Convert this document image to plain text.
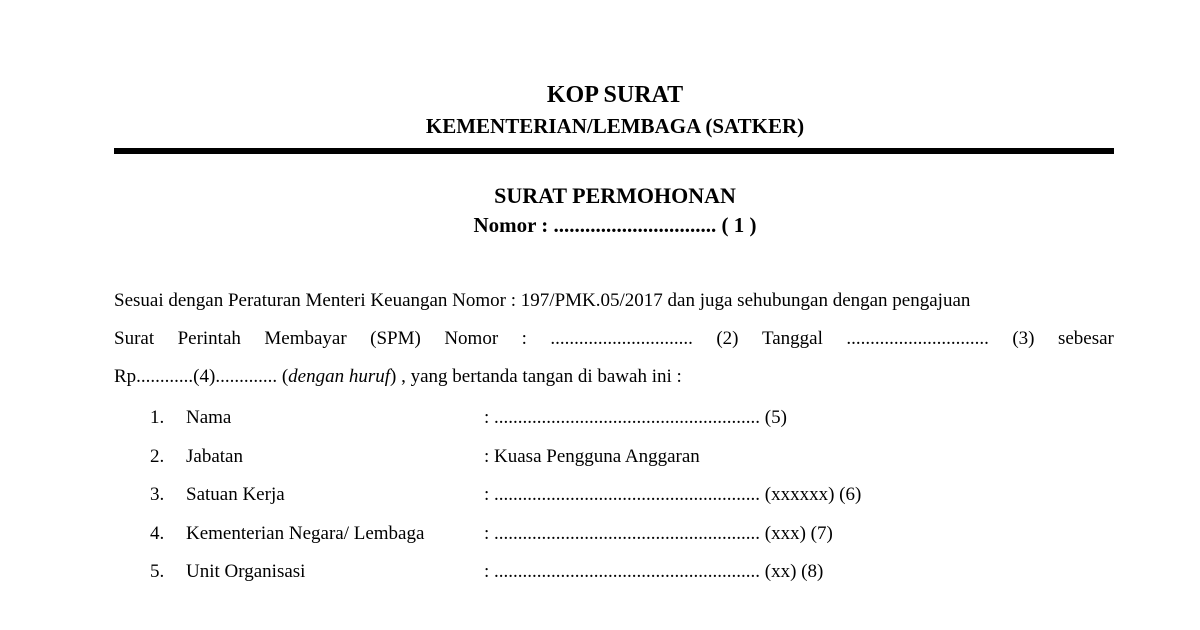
KOP SURAT
KEMENTERIAN/LEMBAGA (SATKER)
SURAT PERMOHONAN
Nomor : ............................... ( 1 )
Sesuai dengan Peraturan Menteri Keuangan Nomor : 197/PMK.05/2017 dan juga sehubungan dengan pengajuan
Surat Perintah Membayar (SPM) Nomor : .............................. (2) Tanggal .............................. (3) sebesar
Rp............(4)............. (dengan huruf) , yang bertanda tangan di bawah ini :
1.	Nama	: ........................................................ (5)
2.	Jabatan	: Kuasa Pengguna Anggaran
3.	Satuan Kerja	: ........................................................ (xxxxxx) (6)
4.	Kementerian Negara/ Lembaga	: ........................................................ (xxx) (7)
5.	Unit Organisasi	: ........................................................ (xx) (8)
